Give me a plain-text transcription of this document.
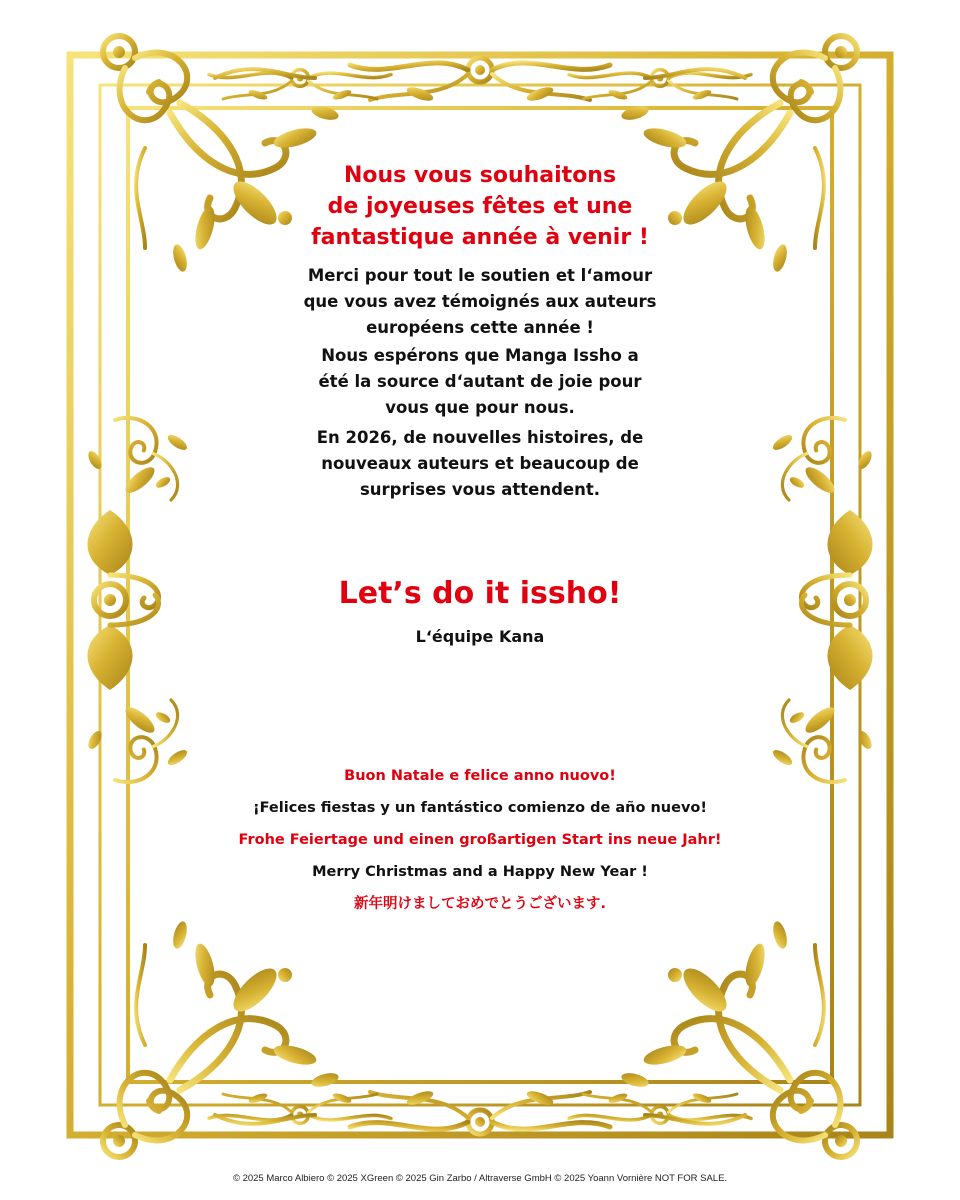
Nous vous souhaitons
de joyeuses fêtes et une
fantastique année à venir !
Merci pour tout le soutien et l‘amour
que vous avez témoignés aux auteurs
européens cette année !
Nous espérons que Manga Issho a
été la source d‘autant de joie pour
vous que pour nous.
En 2026, de nouvelles histoires, de
nouveaux auteurs et beaucoup de
surprises vous attendent.
Let’s do it issho!
L‘équipe Kana
Buon Natale e felice anno nuovo!
¡Felices fiestas y un fantástico comienzo de año nuevo!
Frohe Feiertage und einen großartigen Start ins neue Jahr!
Merry Christmas and a Happy New Year !
新年明けましておめでとうございます.

© 2025 Marco Albiero © 2025 XGreen © 2025 Gin Zarbo / Altraverse GmbH © 2025 Yoann Vornière NOT FOR SALE.
